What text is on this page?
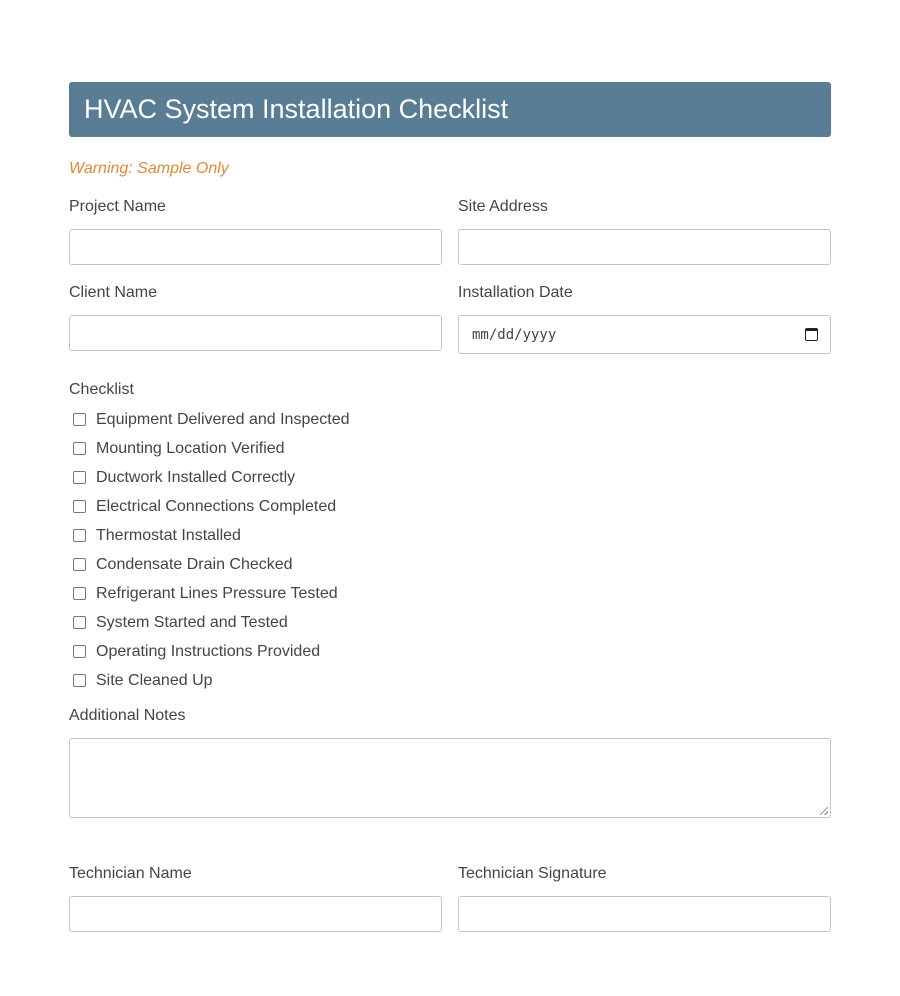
HVAC System Installation Checklist
Warning: Sample Only
Project Name	Site Address
Client Name	Installation Date
mm/dd/yyyy
Checklist
Equipment Delivered and Inspected
Mounting Location Verified
Ductwork Installed Correctly
Electrical Connections Completed
Thermostat Installed
Condensate Drain Checked
Refrigerant Lines Pressure Tested
System Started and Tested
Operating Instructions Provided
Site Cleaned Up
Additional Notes
Technician Name	Technician Signature
